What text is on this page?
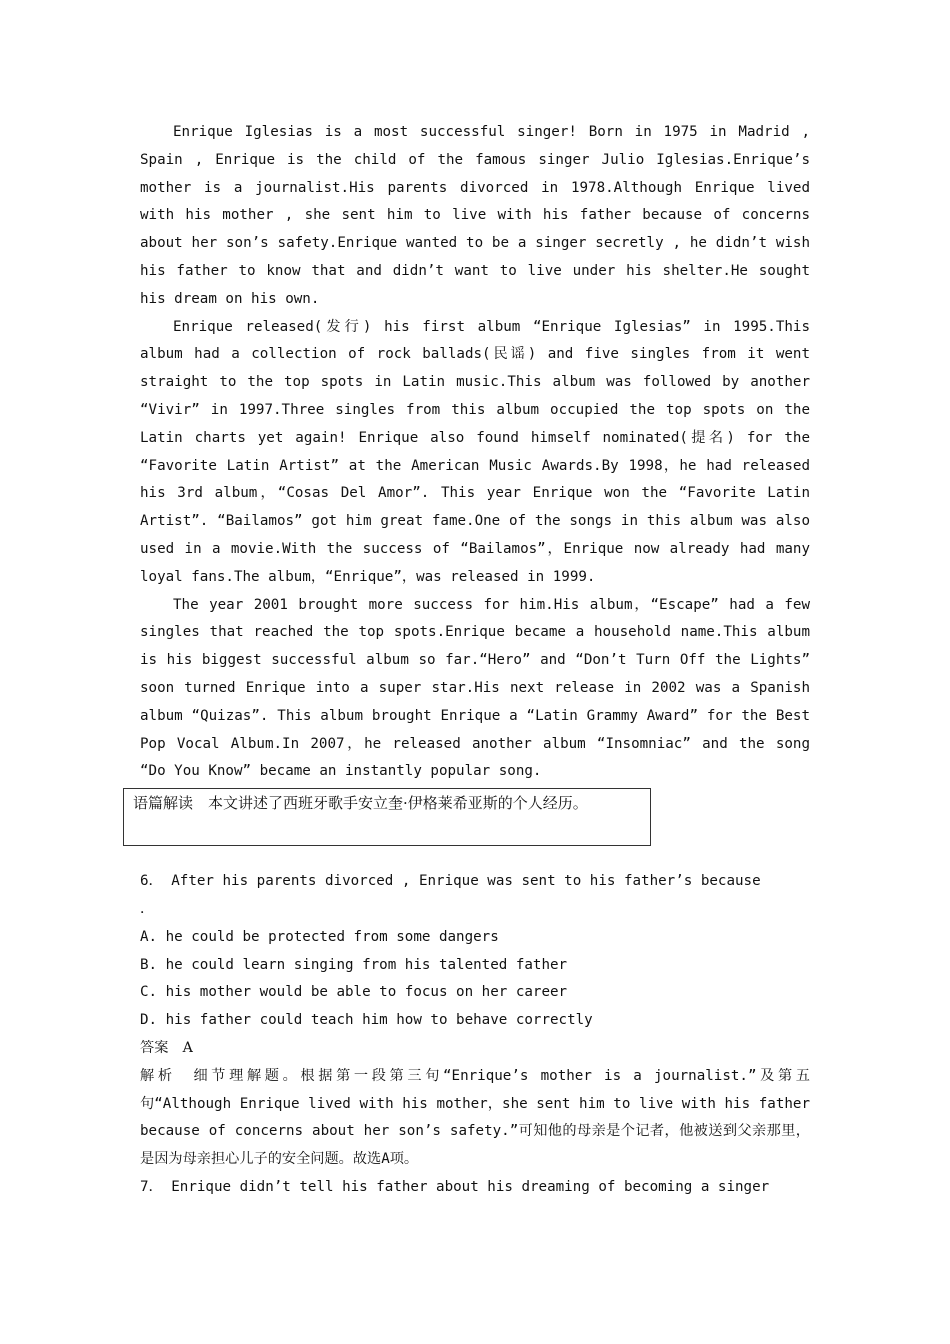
Enrique Iglesias is a most successful singer! Born in 1975 in Madrid , Spain , Enrique is the child of the famous singer Julio Iglesias.Enrique’s mother is a journalist.His parents divorced in 1978.Although Enrique lived with his mother , she sent him to live with his father because of concerns about her son’s safety.Enrique wanted to be a singer secretly , he didn’t wish his father to know that and didn’t want to live under his shelter.He sought his dream on his own.

Enrique released(发行) his first album “Enrique Iglesias” in 1995.This album had a collection of rock ballads(民谣) and five singles from it went straight to the top spots in Latin music.This album was followed by another “Vivir” in 1997.Three singles from this album occupied the top spots on the Latin charts yet again! Enrique also found himself nominated(提名) for the “Favorite Latin Artist” at the American Music Awards.By 1998，he had released his 3rd album，“Cosas Del Amor”. This year Enrique won the “Favorite Latin Artist”. “Bailamos” got him great fame.One of the songs in this album was also used in a movie.With the success of “Bailamos”，Enrique now already had many loyal fans.The album，“Enrique”，was released in 1999.

The year 2001 brought more success for him.His album，“Escape” had a few singles that reached the top spots.Enrique became a household name.This album is his biggest successful album so far.“Hero” and “Don’t Turn Off the Lights” soon turned Enrique into a super star.His next release in 2002 was a Spanish album “Quizas”. This album brought Enrique a “Latin Grammy Award” for the Best Pop Vocal Album.In 2007，he released another album “Insomniac” and the song “Do You Know” became an instantly popular song.

语篇解读　本文讲述了西班牙歌手安立奎·伊格莱希亚斯的个人经历。

6． After his parents divorced , Enrique was sent to his father’s because

．

A. he could be protected from some dangers

B. he could learn singing from his talented father

C. his mother would be able to focus on her career

D. his father could teach him how to behave correctly

答案　A

解析　细节理解题。根据第一段第三句“Enrique’s mother is a journalist.”及第五句“Although Enrique lived with his mother，she sent him to live with his father because of concerns about her son’s safety.”可知他的母亲是个记者，他被送到父亲那里，是因为母亲担心儿子的安全问题。故选A项。

7． Enrique didn’t tell his father about his dreaming of becoming a singer
